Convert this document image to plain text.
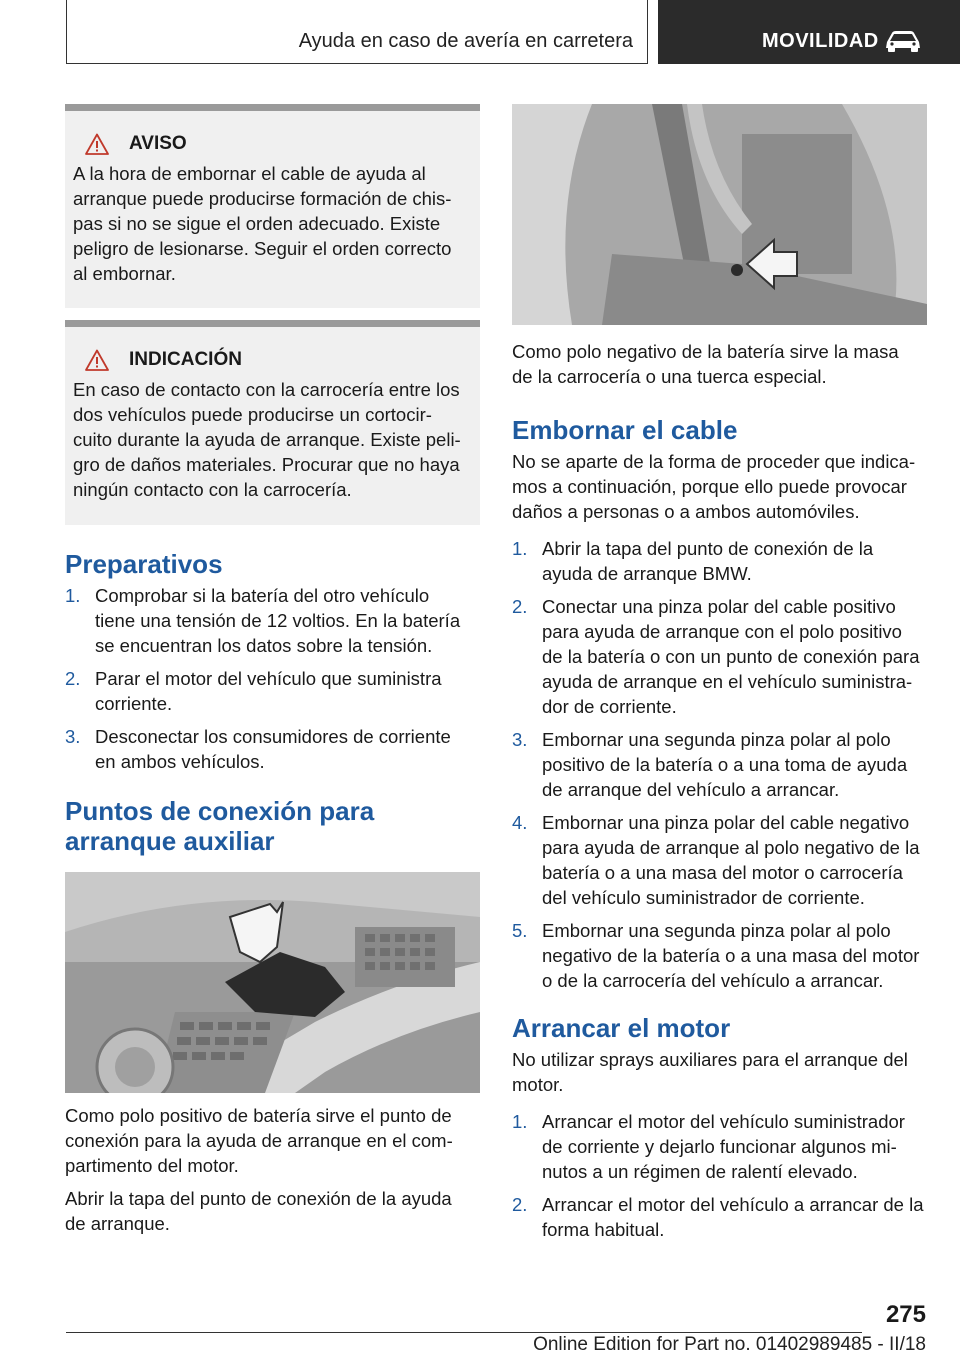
Ayuda en caso de avería en carretera	MOVILIDAD
AVISO
A la hora de embornar el cable de ayuda al
arranque puede producirse formación de chis-
pas si no se sigue el orden adecuado. Existe
peligro de lesionarse. Seguir el orden correcto
al embornar.
INDICACIÓN
En caso de contacto con la carrocería entre los
dos vehículos puede producirse un cortocir-
cuito durante la ayuda de arranque. Existe peli-
gro de daños materiales. Procurar que no haya
ningún contacto con la carrocería.
Preparativos
1. Comprobar si la batería del otro vehículo
tiene una tensión de 12 voltios. En la batería
se encuentran los datos sobre la tensión.
2. Parar el motor del vehículo que suministra
corriente.
3. Desconectar los consumidores de corriente
en ambos vehículos.
Puntos de conexión para
arranque auxiliar

Como polo positivo de batería sirve el punto de

conexión para la ayuda de arranque en el com-

partimento del motor.

Abrir la tapa del punto de conexión de la ayuda

de arranque.

Como polo negativo de la batería sirve la masa

de la carrocería o una tuerca especial.

Embornar el cable

No se aparte de la forma de proceder que indica-

mos a continuación, porque ello puede provocar

daños a personas o a ambos automóviles.

1. Abrir la tapa del punto de conexión de la
ayuda de arranque BMW.
2. Conectar una pinza polar del cable positivo
para ayuda de arranque con el polo positivo
de la batería o con un punto de conexión para
ayuda de arranque en el vehículo suministra-
dor de corriente.
3. Embornar una segunda pinza polar al polo
positivo de la batería o a una toma de ayuda
de arranque del vehículo a arrancar.
4. Embornar una pinza polar del cable negativo
para ayuda de arranque al polo negativo de la
batería o a una masa del motor o carrocería
del vehículo suministrador de corriente.
5. Embornar una segunda pinza polar al polo
negativo de la batería o a una masa del motor
o de la carrocería del vehículo a arrancar.
Arrancar el motor

No utilizar sprays auxiliares para el arranque del

motor.

1. Arrancar el motor del vehículo suministrador
de corriente y dejarlo funcionar algunos mi-
nutos a un régimen de ralentí elevado.
2. Arrancar el motor del vehículo a arrancar de la
forma habitual.
275
Online Edition for Part no. 01402989485 - II/18
